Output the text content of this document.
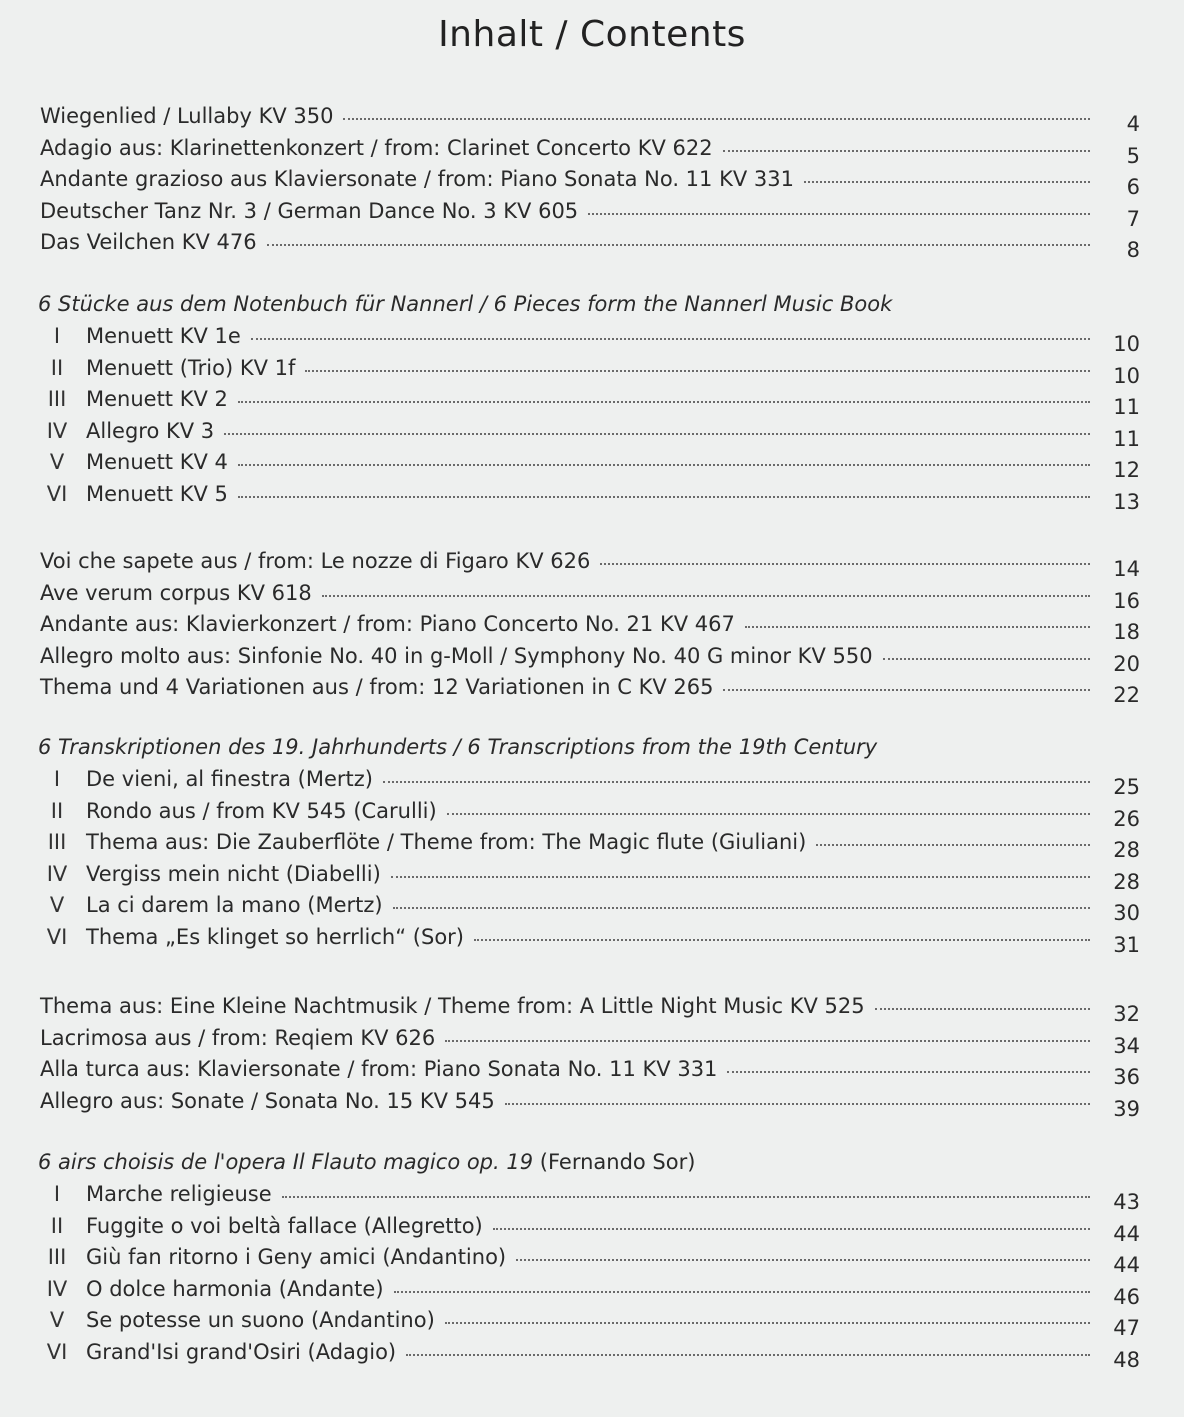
Inhalt / Contents
Wiegenlied / Lullaby KV 350	4
Adagio aus: Klarinettenkonzert / from: Clarinet Concerto KV 622	5
Andante grazioso aus Klaviersonate / from: Piano Sonata No. 11 KV 331	6
Deutscher Tanz Nr. 3 / German Dance No. 3 KV 605	7
Das Veilchen KV 476	8
6 Stücke aus dem Notenbuch für Nannerl / 6 Pieces form the Nannerl Music Book
I	Menuett KV 1e	10
II	Menuett (Trio) KV 1f	10
III Menuett KV 2	11
IV Allegro KV 3	11
V	Menuett KV 4	12
VI Menuett KV 5	13
Voi che sapete aus / from: Le nozze di Figaro KV 626	14
Ave verum corpus KV 618	16
Andante aus: Klavierkonzert / from: Piano Concerto No. 21 KV 467	18
Allegro molto aus: Sinfonie No. 40 in g-Moll / Symphony No. 40 G minor KV 550	20
Thema und 4 Variationen aus / from: 12 Variationen in C KV 265	22
6 Transkriptionen des 19. Jahrhunderts / 6 Transcriptions from the 19th Century
I	De vieni, al finestra (Mertz)	25
II	Rondo aus / from KV 545 (Carulli)	26
III Thema aus: Die Zauberflöte / Theme from: The Magic flute (Giuliani)	28
IV Vergiss mein nicht (Diabelli)	28
V	La ci darem la mano (Mertz)	30
VI Thema „Es klinget so herrlich“ (Sor)	31
Thema aus: Eine Kleine Nachtmusik / Theme from: A Little Night Music KV 525	32
Lacrimosa aus / from: Reqiem KV 626	34
Alla turca aus: Klaviersonate / from: Piano Sonata No. 11 KV 331	36
Allegro aus: Sonate / Sonata No. 15 KV 545	39
6 airs choisis de l'opera Il Flauto magico op. 19 (Fernando Sor)
I	Marche religieuse	43
II	Fuggite o voi beltà fallace (Allegretto)	44
III Giù fan ritorno i Geny amici (Andantino)	44
IV O dolce harmonia (Andante)	46
V	Se potesse un suono (Andantino)	47
VI Grand'Isi grand'Osiri (Adagio)	48
